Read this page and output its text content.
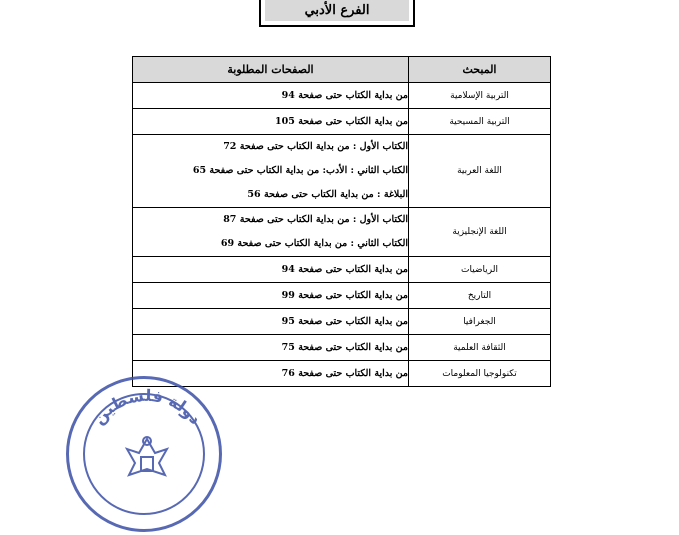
الفرع الأدبي
المبحث	الصفحات المطلوبة
التربية الإسلامية	من بداية الكتاب حتى صفحة 94

التربية المسيحية	من بداية الكتاب حتى صفحة 105

اللغة العربية	الكتاب الأول : من بداية الكتاب حتى صفحة 72
الكتاب الثاني : الأدب: من بداية الكتاب حتى صفحة 65
البلاغة : من بداية الكتاب حتى صفحة 56

اللغة الإنجليزية	الكتاب الأول : من بداية الكتاب حتى صفحة 87
الكتاب الثاني : من بداية الكتاب حتى صفحة 69

الرياضيات	من بداية الكتاب حتى صفحة 94

التاريخ	من بداية الكتاب حتى صفحة 99

الجغرافيا	من بداية الكتاب حتى صفحة 95

الثقافة العلمية	من بداية الكتاب حتى صفحة 75

تكنولوجيا المعلومات	من بداية الكتاب حتى صفحة 76
دولة فلسطين
